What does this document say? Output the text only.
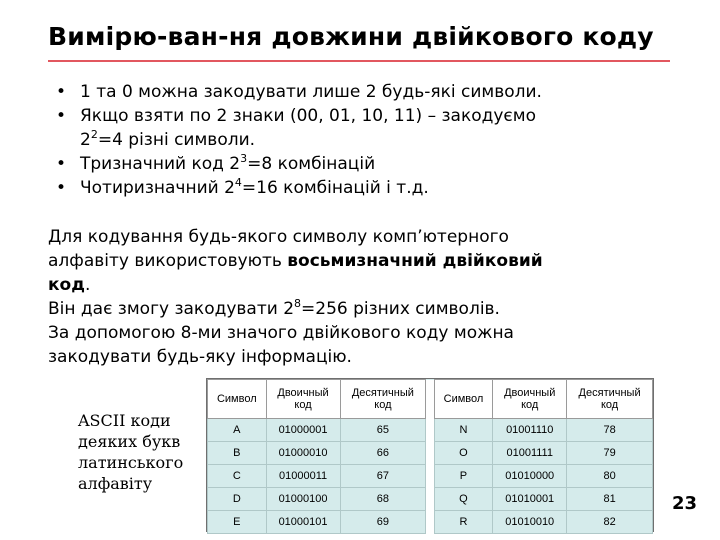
Вимірю-ван-ня довжини двійкового коду
• 1 та 0 можна закодувати лише 2 будь-які символи.
• Якщо взяти по 2 знаки (00, 01, 10, 11) – закодуємо
$2^2=4$ різні символи.
• Тризначний код $2^3=8$ комбінацій
• Чотиризначний $2^4=16$ комбінацій і т.д.
Для кодування будь-якого символу комп’ютерного
алфавіту використовують восьмизначний двійковий
код.
Він дає змогу закодувати $2^8=256$ різних символів.
За допомогою 8-ми значого двійкового коду можна
закодувати будь-яку інформацію.
ASCII коди
деяких букв
латинського
алфавіту
Символ	Двоичный код	Десятичный код		Символ	Двоичный код	Десятичный код
A	01000001	65		N	01001110	78
B	01000010	66		O	01001111	79
C	01000011	67		P	01010000	80
D	01000100	68		Q	01010001	81
E	01000101	69		R	01010010	82
23
